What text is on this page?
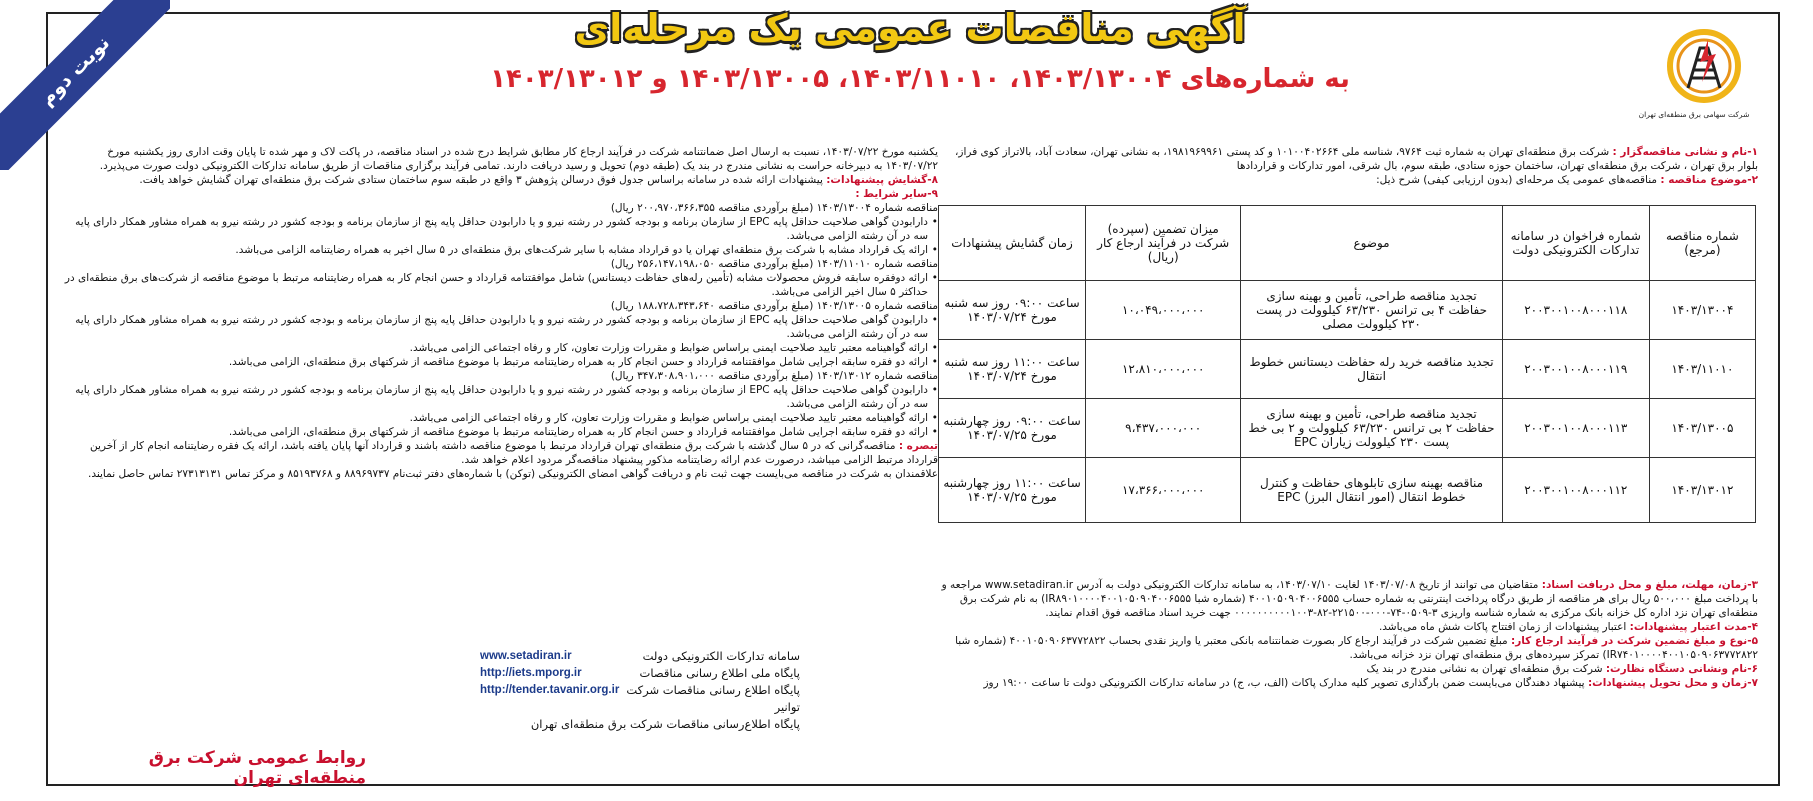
نوبت دوم
آگهی مناقصات عمومی یک مرحله‌ای
به شماره‌های ۱۴۰۳/۱۳۰۰۴، ۱۴۰۳/۱۱۰۱۰، ۱۴۰۳/۱۳۰۰۵ و ۱۴۰۳/۱۳۰۱۲
شرکت سهامی برق منطقه‌ای تهران
۱-نام و نشانی مناقصه‌گزار : شرکت برق منطقه‌ای تهران به شماره ثبت ۹۷۶۴، شناسه ملی ۱۰۱۰۰۴۰۲۶۶۴ و کد پستی ۱۹۸۱۹۶۹۹۶۱، به نشانی تهران، سعادت آباد، بالاتراز کوی فراز، بلوار برق تهران ، شرکت برق منطقه‌ای تهران، ساختمان حوزه ستادی، طبقه سوم، بال شرقی، امور تدارکات و قراردادها
۲-موضوع مناقصه : مناقصه‌های عمومی یک مرحله‌ای (بدون ارزیابی کیفی) شرح ذیل:
شماره مناقصه (مرجع)	شماره فراخوان در سامانه تدارکات الکترونیکی دولت	موضوع	میزان تضمین (سپرده) شرکت در فرآیند ارجاع کار (ریال)	زمان گشایش پیشنهادات
۱۴۰۳/۱۳۰۰۴	۲۰۰۳۰۰۱۰۰۸۰۰۰۱۱۸	تجدید مناقصه طراحی، تأمین و بهینه سازی حفاظت ۴ بی ترانس ۶۳/۲۳۰ کیلوولت در پست ۲۳۰ کیلوولت مصلی	۱۰،۰۴۹،۰۰۰،۰۰۰	ساعت ۰۹:۰۰ روز سه شنبه مورخ ۱۴۰۳/۰۷/۲۴
۱۴۰۳/۱۱۰۱۰	۲۰۰۳۰۰۱۰۰۸۰۰۰۱۱۹	تجدید مناقصه خرید رله حفاظت دیستانس خطوط انتقال	۱۲،۸۱۰،۰۰۰،۰۰۰	ساعت ۱۱:۰۰ روز سه شنبه مورخ ۱۴۰۳/۰۷/۲۴
۱۴۰۳/۱۳۰۰۵	۲۰۰۳۰۰۱۰۰۸۰۰۰۱۱۳	تجدید مناقصه طراحی، تأمین و بهینه سازی حفاظت ۲ بی ترانس ۶۳/۲۳۰ کیلوولت و ۲ بی خط پست ۲۳۰ کیلوولت زیاران EPC	۹،۴۳۷،۰۰۰،۰۰۰	ساعت ۰۹:۰۰ روز چهارشنبه مورخ ۱۴۰۳/۰۷/۲۵
۱۴۰۳/۱۳۰۱۲	۲۰۰۳۰۰۱۰۰۸۰۰۰۱۱۲	مناقصه بهینه سازی تابلوهای حفاظت و کنترل خطوط انتقال (امور انتقال البرز) EPC	۱۷،۳۶۶،۰۰۰،۰۰۰	ساعت ۱۱:۰۰ روز چهارشنبه مورخ ۱۴۰۳/۰۷/۲۵
۳-زمان، مهلت، مبلغ و محل دریافت اسناد: متقاضیان می توانند از تاریخ ۱۴۰۳/۰۷/۰۸ لغایت ۱۴۰۳/۰۷/۱۰، به سامانه تدارکات الکترونیکی دولت به آدرس www.setadiran.ir مراجعه و با پرداخت مبلغ ۵۰۰،۰۰۰ ریال برای هر مناقصه از طریق درگاه پرداخت اینترنتی به شماره حساب ۴۰۰۱۰۵۰۹۰۴۰۰۶۵۵۵ (شماره شبا IR۸۹۰۱۰۰۰۰۴۰۰۱۰۵۰۹۰۴۰۰۶۵۵۵) به نام شرکت برق منطقه‌ای تهران نزد اداره کل خزانه بانک مرکزی به شماره شناسه واریزی ۳-۰۵۰۹-۷۴-۰۰۰-۲۲۱۵۰۰-۸۲-۰۰۰۰۰۰۰۰۰۰۱۰۰۳ جهت خرید اسناد مناقصه فوق اقدام نمایند.
۴-مدت اعتبار پیشنهادات: اعتبار پیشنهادات از زمان افتتاح پاکات شش ماه می‌باشد.
۵-نوع و مبلغ تضمین شرکت در فرآیند ارجاع کار: مبلغ تضمین شرکت در فرآیند ارجاع کار بصورت ضمانتنامه بانکی معتبر یا واریز نقدی بحساب ۴۰۰۱۰۵۰۹۰۶۳۷۷۲۸۲۲ (شماره شبا IR۷۴۰۱۰۰۰۰۴۰۰۱۰۵۰۹۰۶۳۷۷۲۸۲۲) تمرکز سپرده‌های برق منطقه‌ای تهران نزد خزانه می‌باشد.
۶-نام ونشانی دستگاه نظارت: شرکت برق منطقه‌ای تهران به نشانی مندرج در بند یک
۷-زمان و محل تحویل پیشنهادات: پیشنهاد دهندگان می‌بایست ضمن بارگذاری تصویر کلیه مدارک پاکات (الف، ب، ج) در سامانه تدارکات الکترونیکی دولت تا ساعت ۱۹:۰۰ روز
یکشنبه مورخ ۱۴۰۳/۰۷/۲۲، نسبت به ارسال اصل ضمانتنامه شرکت در فرآیند ارجاع کار مطابق شرایط درج شده در اسناد مناقصه، در پاکت لاک و مهر شده تا پایان وقت اداری روز یکشنبه مورخ ۱۴۰۳/۰۷/۲۲ به دبیرخانه حراست به نشانی مندرج در بند یک (طبقه دوم) تحویل و رسید دریافت دارند. تمامی فرآیند برگزاری مناقصات از طریق سامانه تدارکات الکترونیکی دولت صورت می‌پذیرد.
۸-گشایش پیشنهادات: پیشنهادات ارائه شده در سامانه براساس جدول فوق درسالن پژوهش ۳ واقع در طبقه سوم ساختمان ستادی شرکت برق منطقه‌ای تهران گشایش خواهد یافت.
۹-سایر شرایط :
مناقصه شماره ۱۴۰۳/۱۳۰۰۴ (مبلغ برآوردی مناقصه ۲۰۰،۹۷۰،۳۶۶،۳۵۵ ریال)
• دارابودن گواهی صلاحیت حداقل پایه EPC از سازمان برنامه و بودجه کشور در رشته نیرو و یا دارابودن حداقل پایه پنج از سازمان برنامه و بودجه کشور در رشته نیرو به همراه مشاور همکار دارای پایه سه در آن رشته الزامی می‌باشد.
• ارائه یک قرارداد مشابه با شرکت برق منطقه‌ای تهران یا دو قرارداد مشابه با سایر شرکت‌های برق منطقه‌ای در ۵ سال اخیر به همراه رضایتنامه الزامی می‌باشد.
مناقصه شماره ۱۴۰۳/۱۱۰۱۰ (مبلغ برآوردی مناقصه ۲۵۶،۱۴۷،۱۹۸،۰۵۰ ریال)
• ارائه دوفقره سابقه فروش محصولات مشابه (تأمین رله‌های حفاظت دیستانس) شامل موافقتنامه قرارداد و حسن انجام کار به همراه رضایتنامه مرتبط با موضوع مناقصه از شرکت‌های برق منطقه‌ای در حداکثر ۵ سال اخیر الزامی می‌باشد.
مناقصه شماره ۱۴۰۳/۱۳۰۰۵ (مبلغ برآوردی مناقصه ۱۸۸،۷۲۸،۳۴۳،۶۴۰ ریال)
• دارابودن گواهی صلاحیت حداقل پایه EPC از سازمان برنامه و بودجه کشور در رشته نیرو و یا دارابودن حداقل پایه پنج از سازمان برنامه و بودجه کشور در رشته نیرو به همراه مشاور همکار دارای پایه سه در آن رشته الزامی می‌باشد.
• ارائه گواهینامه معتبر تایید صلاحیت ایمنی براساس ضوابط و مقررات وزارت تعاون، کار و رفاه اجتماعی الزامی می‌باشد.
• ارائه دو فقره سابقه اجرایی شامل موافقتنامه قرارداد و حسن انجام کار به همراه رضایتنامه مرتبط با موضوع مناقصه از شرکتهای برق منطقه‌ای، الزامی می‌باشد.
مناقصه شماره ۱۴۰۳/۱۳۰۱۲ (مبلغ برآوردی مناقصه ۳۴۷،۳۰۸،۹۰۱،۰۰۰ ریال)
• دارابودن گواهی صلاحیت حداقل پایه EPC از سازمان برنامه و بودجه کشور در رشته نیرو و یا دارابودن حداقل پایه پنج از سازمان برنامه و بودجه کشور در رشته نیرو به همراه مشاور همکار دارای پایه سه در آن رشته الزامی می‌باشد.
• ارائه گواهینامه معتبر تایید صلاحیت ایمنی براساس ضوابط و مقررات وزارت تعاون، کار و رفاه اجتماعی الزامی می‌باشد.
• ارائه دو فقره سابقه اجرایی شامل موافقتنامه قرارداد و حسن انجام کار به همراه رضایتنامه مرتبط با موضوع مناقصه از شرکتهای برق منطقه‌ای، الزامی می‌باشد.
تبصره : مناقصه‌گرانی که در ۵ سال گذشته با شرکت برق منطقه‌ای تهران قرارداد مرتبط با موضوع مناقصه داشته باشند و قرارداد آنها پایان یافته باشد، ارائه یک فقره رضایتنامه انجام کار از آخرین قرارداد مرتبط الزامی میباشد، درصورت عدم ارائه رضایتنامه مذکور پیشنهاد مناقصه‌گر مردود اعلام خواهد شد.
علاقمندان به شرکت در مناقصه می‌بایست جهت ثبت نام و دریافت گواهی امضای الکترونیکی (توکن) با شماره‌های دفتر ثبت‌نام ۸۸۹۶۹۷۳۷ و ۸۵۱۹۳۷۶۸ و مرکز تماس ۲۷۳۱۳۱۳۱ تماس حاصل نمایند.
www.setadiran.ir	سامانه تدارکات الکترونیکی دولت
http://iets.mporg.ir	پایگاه ملی اطلاع رسانی مناقصات
http://tender.tavanir.org.ir پایگاه اطلاع رسانی مناقصات شرکت توانیر
پایگاه اطلاع‌رسانی مناقصات شرکت برق منطقه‌ای تهران
روابط عمومی شرکت برق منطقه‌ای تهران
